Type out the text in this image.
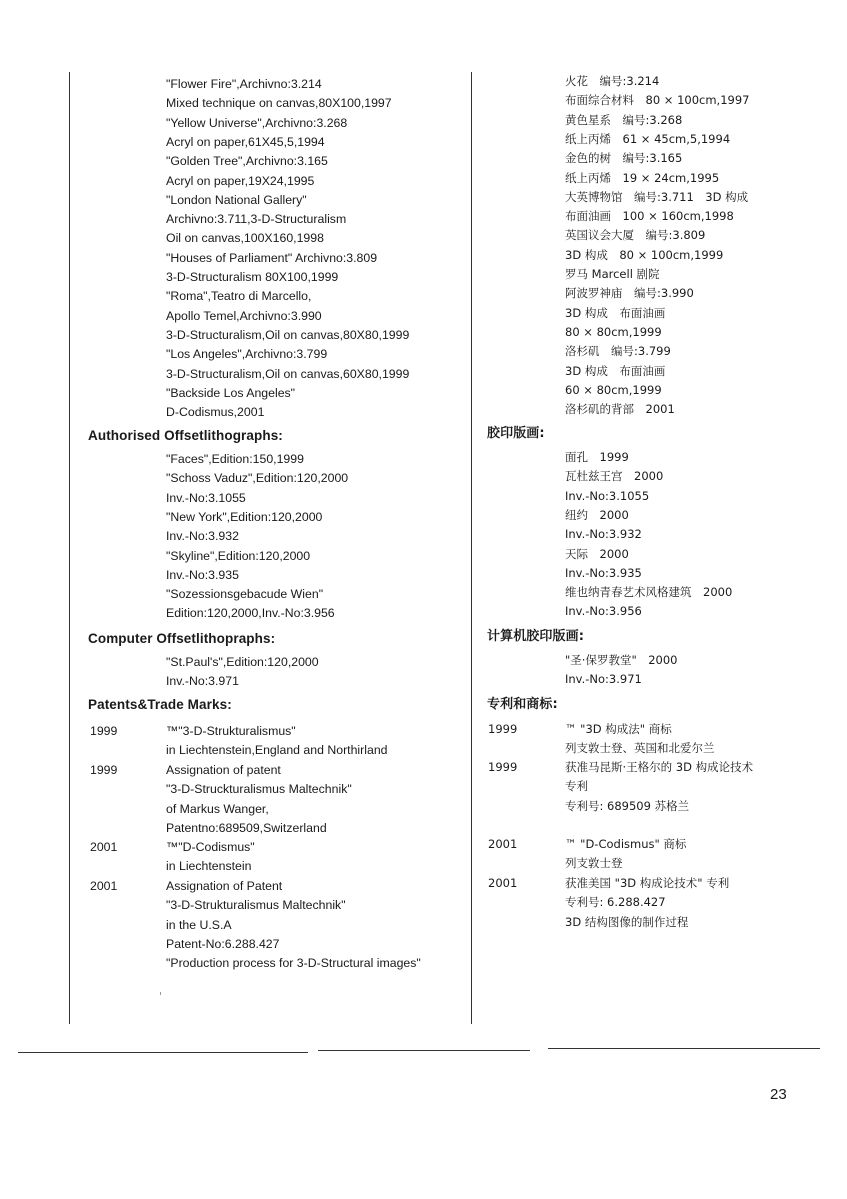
"Flower Fire",Archivno:3.214
Mixed technique on canvas,80X100,1997
"Yellow Universe",Archivno:3.268
Acryl on paper,61X45,5,1994
"Golden Tree",Archivno:3.165
Acryl on paper,19X24,1995
"London National Gallery"
Archivno:3.711,3-D-Structuralism
Oil on canvas,100X160,1998
"Houses of Parliament" Archivno:3.809
3-D-Structuralism 80X100,1999
"Roma",Teatro di Marcello,
Apollo Temel,Archivno:3.990
3-D-Structuralism,Oil on canvas,80X80,1999
"Los Angeles",Archivno:3.799
3-D-Structuralism,Oil on canvas,60X80,1999
"Backside Los Angeles"
D-Codismus,2001
Authorised Offsetlithographs:
"Faces",Edition:150,1999
"Schoss Vaduz",Edition:120,2000
Inv.-No:3.1055
"New York",Edition:120,2000
Inv.-No:3.932
"Skyline",Edition:120,2000
Inv.-No:3.935
"Sozessionsgebacude Wien"
Edition:120,2000,Inv.-No:3.956
Computer Offsetlithopraphs:
"St.Paul's",Edition:120,2000
Inv.-No:3.971
Patents&Trade Marks:
1999	™"3-D-Strukturalismus"
in Liechtenstein,England and Northirland
1999	Assignation of patent
"3-D-Struckturalismus Maltechnik"
of Markus Wanger,
Patentno:689509,Switzerland
2001	™"D-Codismus"
in Liechtenstein
2001	Assignation of Patent
"3-D-Strukturalismus Maltechnik"
in the U.S.A
Patent-No:6.288.427
"Production process for 3-D-Structural images"
火花　编号:3.214
布面综合材料　80 × 100cm,1997
黄色星系　编号:3.268
纸上丙烯　61 × 45cm,5,1994
金色的树　编号:3.165
纸上丙烯　19 × 24cm,1995
大英博物馆　编号:3.711　3D 构成
布面油画　100 × 160cm,1998
英国议会大厦　编号:3.809
3D 构成　80 × 100cm,1999
罗马 Marcell 剧院
阿波罗神庙　编号:3.990
3D 构成　布面油画
80 × 80cm,1999
洛杉矶　编号:3.799
3D 构成　布面油画
60 × 80cm,1999
洛杉矶的背部　2001
胶印版画:
面孔　1999
瓦杜兹王宫　2000
Inv.-No:3.1055
纽约　2000
Inv.-No:3.932
天际　2000
Inv.-No:3.935
维也纳青春艺术风格建筑　2000
Inv.-No:3.956
计算机胶印版画:
"圣·保罗教堂"　2000
Inv.-No:3.971
专利和商标:
1999	™ "3D 构成法" 商标
列支敦士登、英国和北爱尔兰
1999	获准马昆斯·王格尔的 3D 构成论技术
专利
专利号: 689509 苏格兰
2001	™ "D-Codismus" 商标
列支敦士登
2001	获准美国 "3D 构成论技术" 专利
专利号: 6.288.427
3D 结构图像的制作过程
23
